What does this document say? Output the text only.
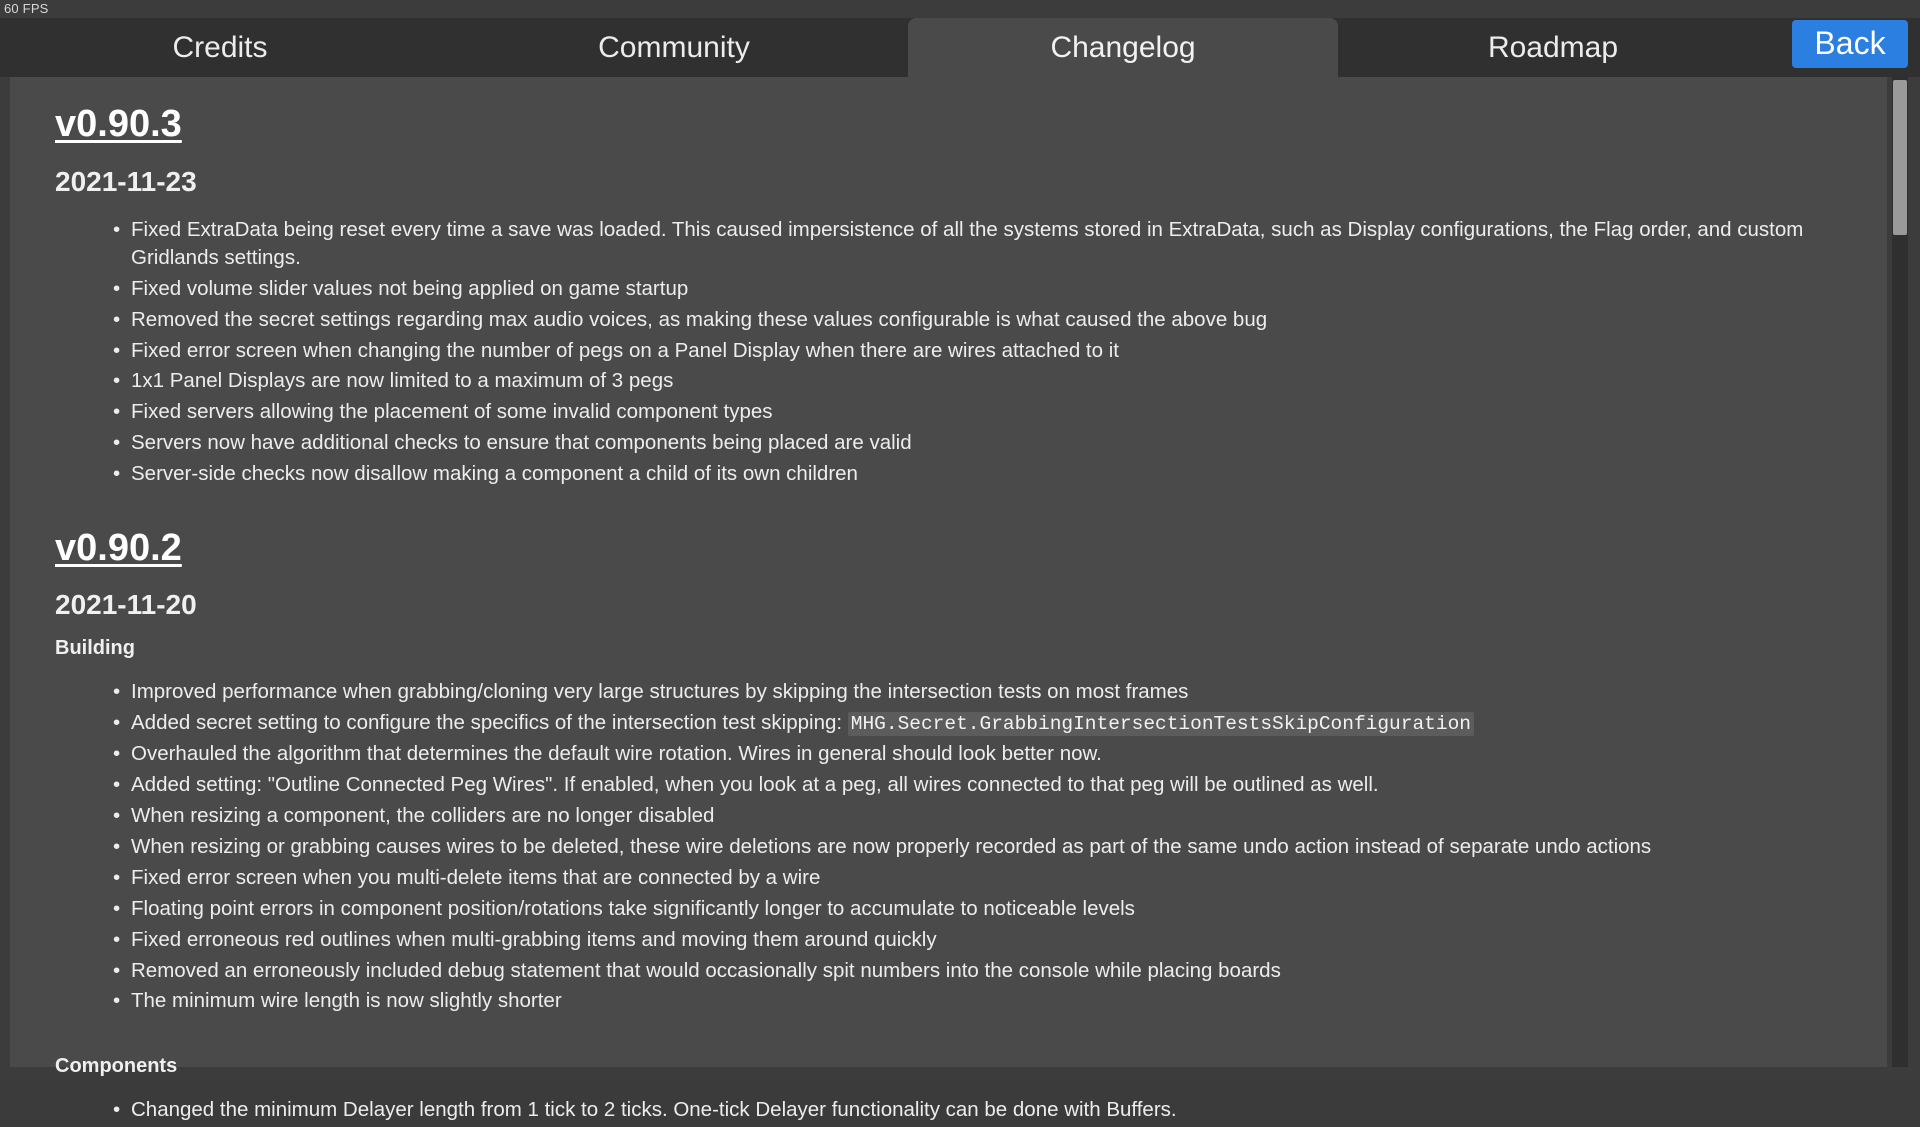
60 FPS
Credits	Community	Changelog	Roadmap	Back
v0.90.3
2021-11-23
• Fixed ExtraData being reset every time a save was loaded. This caused impersistence of all the systems stored in ExtraData, such as Display configurations, the Flag order, and custom Gridlands settings.
• Fixed volume slider values not being applied on game startup
• Removed the secret settings regarding max audio voices, as making these values configurable is what caused the above bug
• Fixed error screen when changing the number of pegs on a Panel Display when there are wires attached to it
• 1x1 Panel Displays are now limited to a maximum of 3 pegs
• Fixed servers allowing the placement of some invalid component types
• Servers now have additional checks to ensure that components being placed are valid
• Server-side checks now disallow making a component a child of its own children
v0.90.2
2021-11-20
Building
• Improved performance when grabbing/cloning very large structures by skipping the intersection tests on most frames
• Added secret setting to configure the specifics of the intersection test skipping: MHG.Secret.GrabbingIntersectionTestsSkipConfiguration
• Overhauled the algorithm that determines the default wire rotation. Wires in general should look better now.
• Added setting: "Outline Connected Peg Wires". If enabled, when you look at a peg, all wires connected to that peg will be outlined as well.
• When resizing a component, the colliders are no longer disabled
• When resizing or grabbing causes wires to be deleted, these wire deletions are now properly recorded as part of the same undo action instead of separate undo actions
• Fixed error screen when you multi-delete items that are connected by a wire
• Floating point errors in component position/rotations take significantly longer to accumulate to noticeable levels
• Fixed erroneous red outlines when multi-grabbing items and moving them around quickly
• Removed an erroneously included debug statement that would occasionally spit numbers into the console while placing boards
• The minimum wire length is now slightly shorter
Components
• Changed the minimum Delayer length from 1 tick to 2 ticks. One-tick Delayer functionality can be done with Buffers.
